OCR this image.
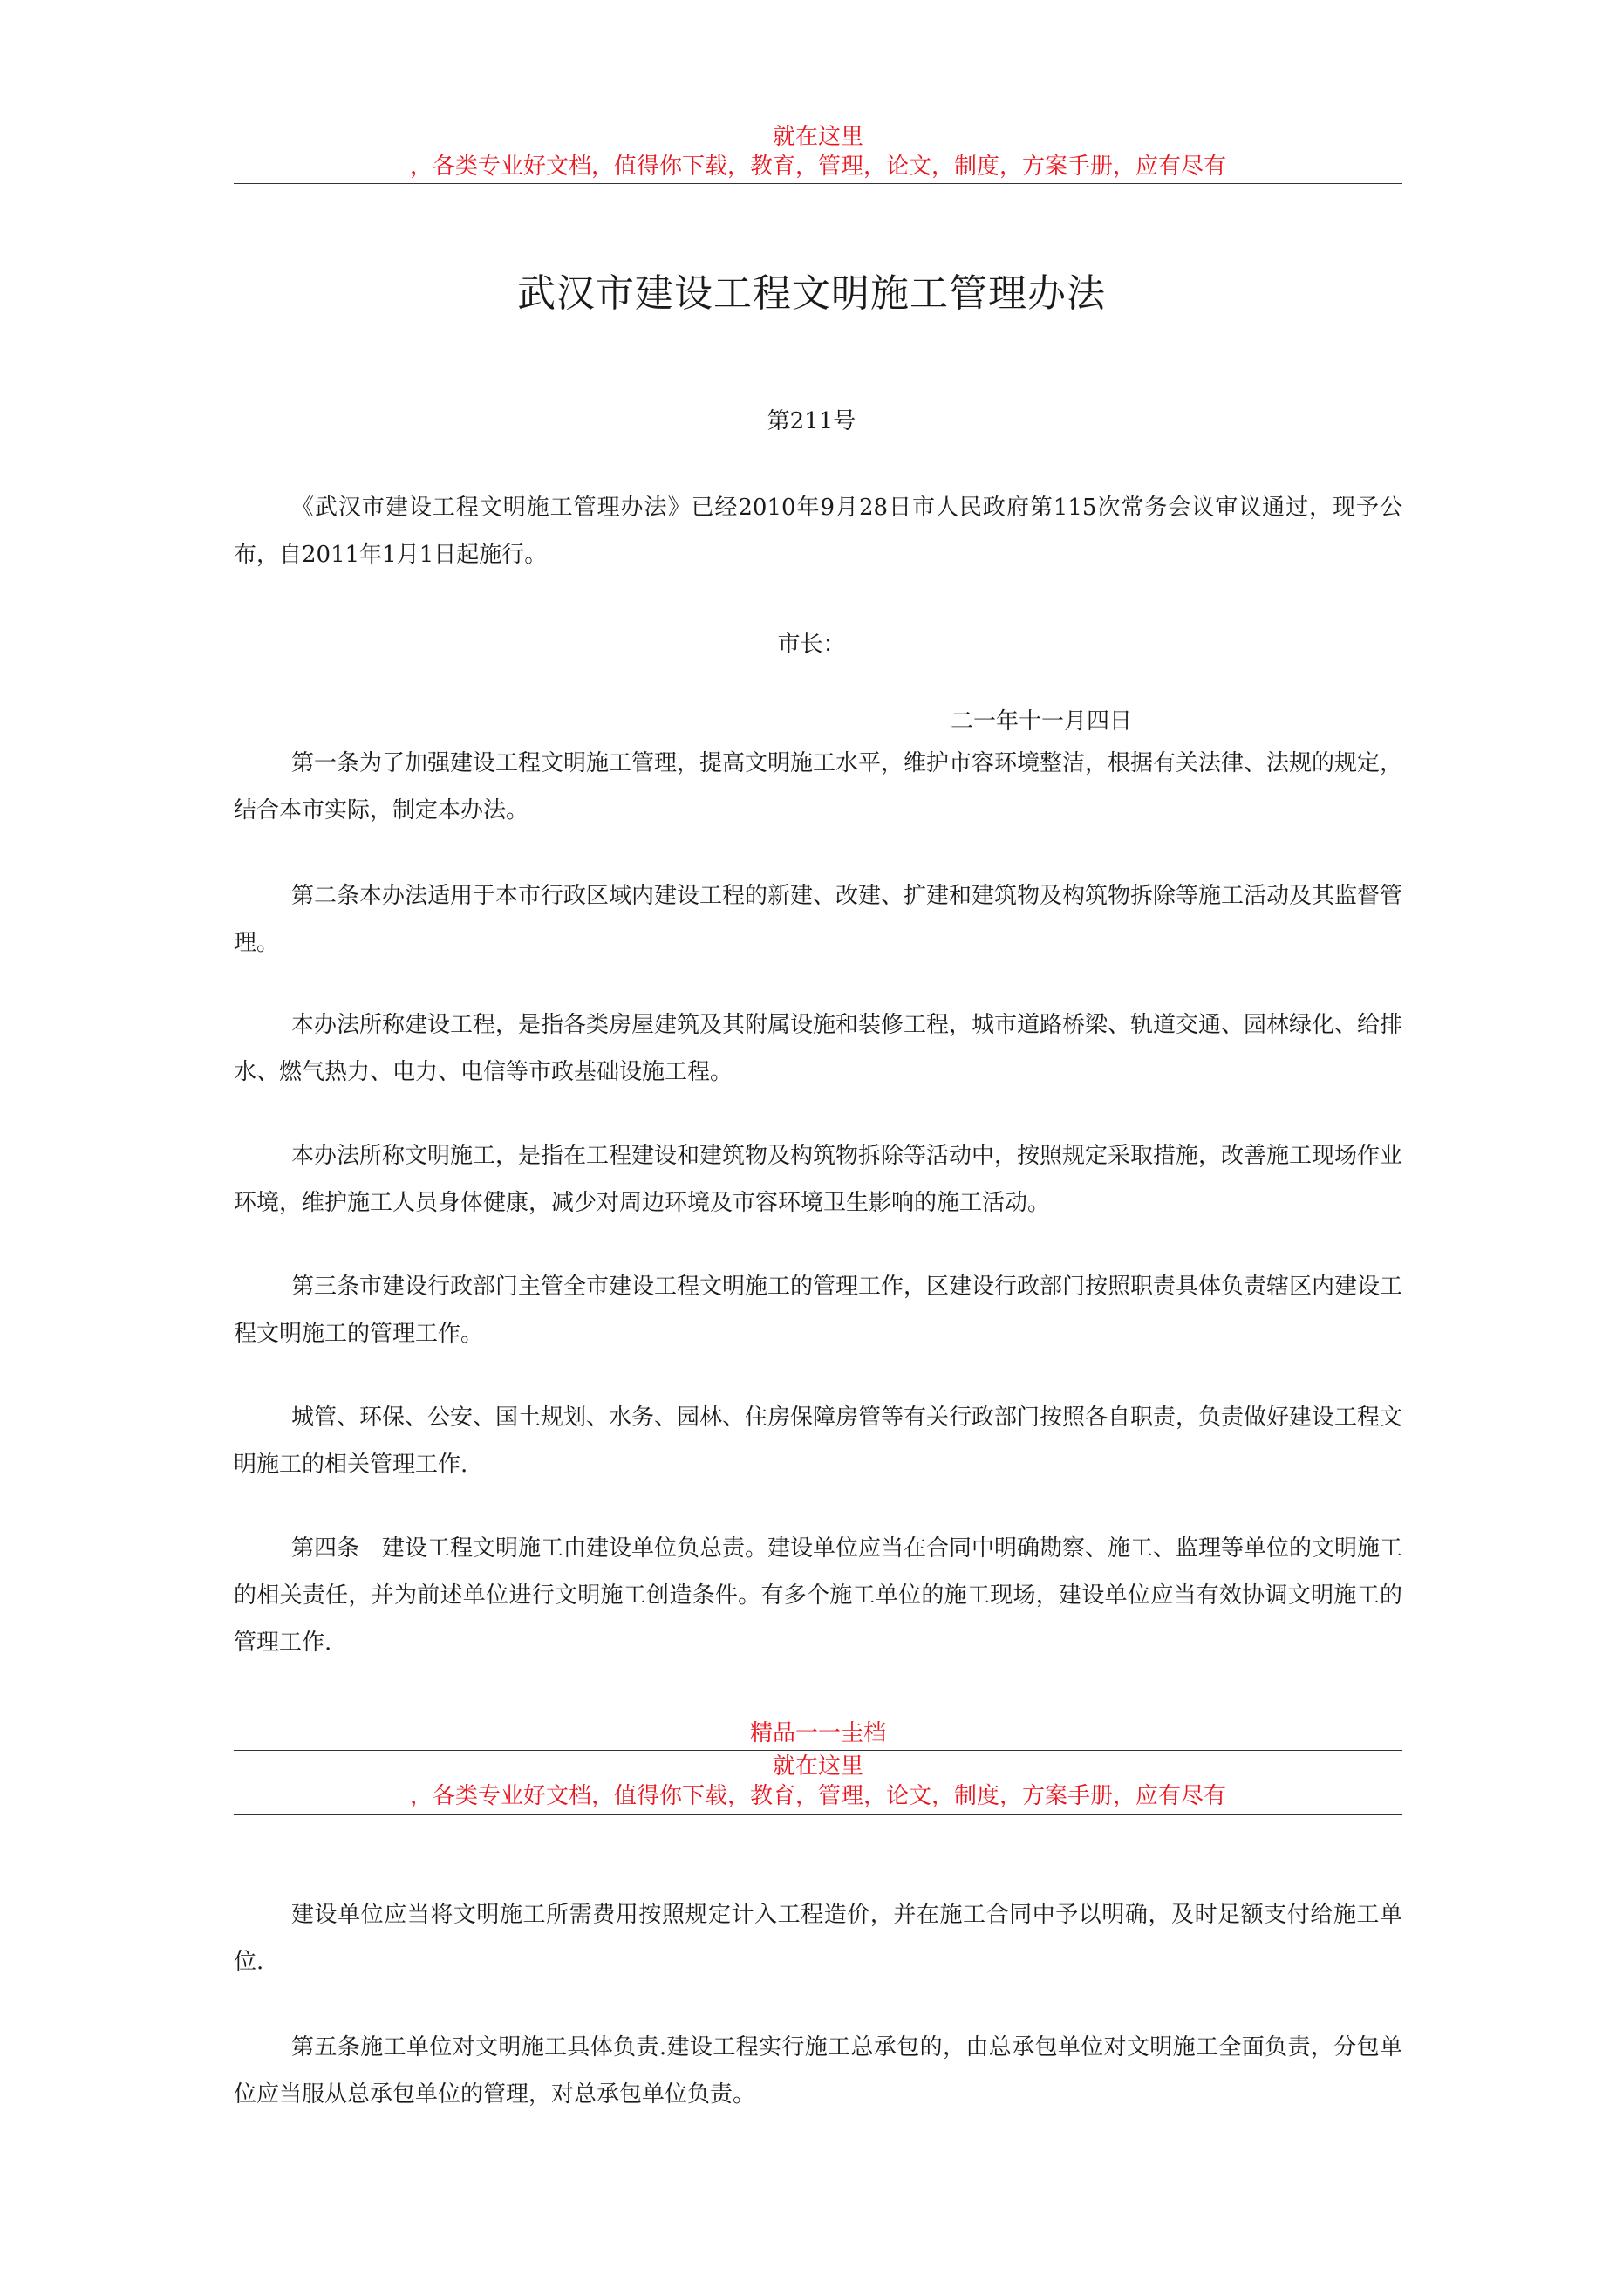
就在这里
，各类专业好文档，值得你下载，教育，管理，论文，制度，方案手册，应有尽有
武汉市建设工程文明施工管理办法
第211号

《武汉市建设工程文明施工管理办法》已经2010年9月28日市人民政府第115次常务会议审议通过，现予公布，自2011年1月1日起施行。

市长：
二一年十一月四日

第一条为了加强建设工程文明施工管理，提高文明施工水平，维护市容环境整洁，根据有关法律、法规的规定，结合本市实际，制定本办法。

第二条本办法适用于本市行政区域内建设工程的新建、改建、扩建和建筑物及构筑物拆除等施工活动及其监督管理。

本办法所称建设工程，是指各类房屋建筑及其附属设施和装修工程，城市道路桥梁、轨道交通、园林绿化、给排水、燃气热力、电力、电信等市政基础设施工程。

本办法所称文明施工，是指在工程建设和建筑物及构筑物拆除等活动中，按照规定采取措施，改善施工现场作业环境，维护施工人员身体健康，减少对周边环境及市容环境卫生影响的施工活动。

第三条市建设行政部门主管全市建设工程文明施工的管理工作，区建设行政部门按照职责具体负责辖区内建设工程文明施工的管理工作。

城管、环保、公安、国土规划、水务、园林、住房保障房管等有关行政部门按照各自职责，负责做好建设工程文明施工的相关管理工作.

第四条　建设工程文明施工由建设单位负总责。建设单位应当在合同中明确勘察、施工、监理等单位的文明施工的相关责任，并为前述单位进行文明施工创造条件。有多个施工单位的施工现场，建设单位应当有效协调文明施工的管理工作.

精品一一圭档
就在这里
，各类专业好文档，值得你下载，教育，管理，论文，制度，方案手册，应有尽有

建设单位应当将文明施工所需费用按照规定计入工程造价，并在施工合同中予以明确，及时足额支付给施工单位.

第五条施工单位对文明施工具体负责.建设工程实行施工总承包的，由总承包单位对文明施工全面负责，分包单位应当服从总承包单位的管理，对总承包单位负责。
